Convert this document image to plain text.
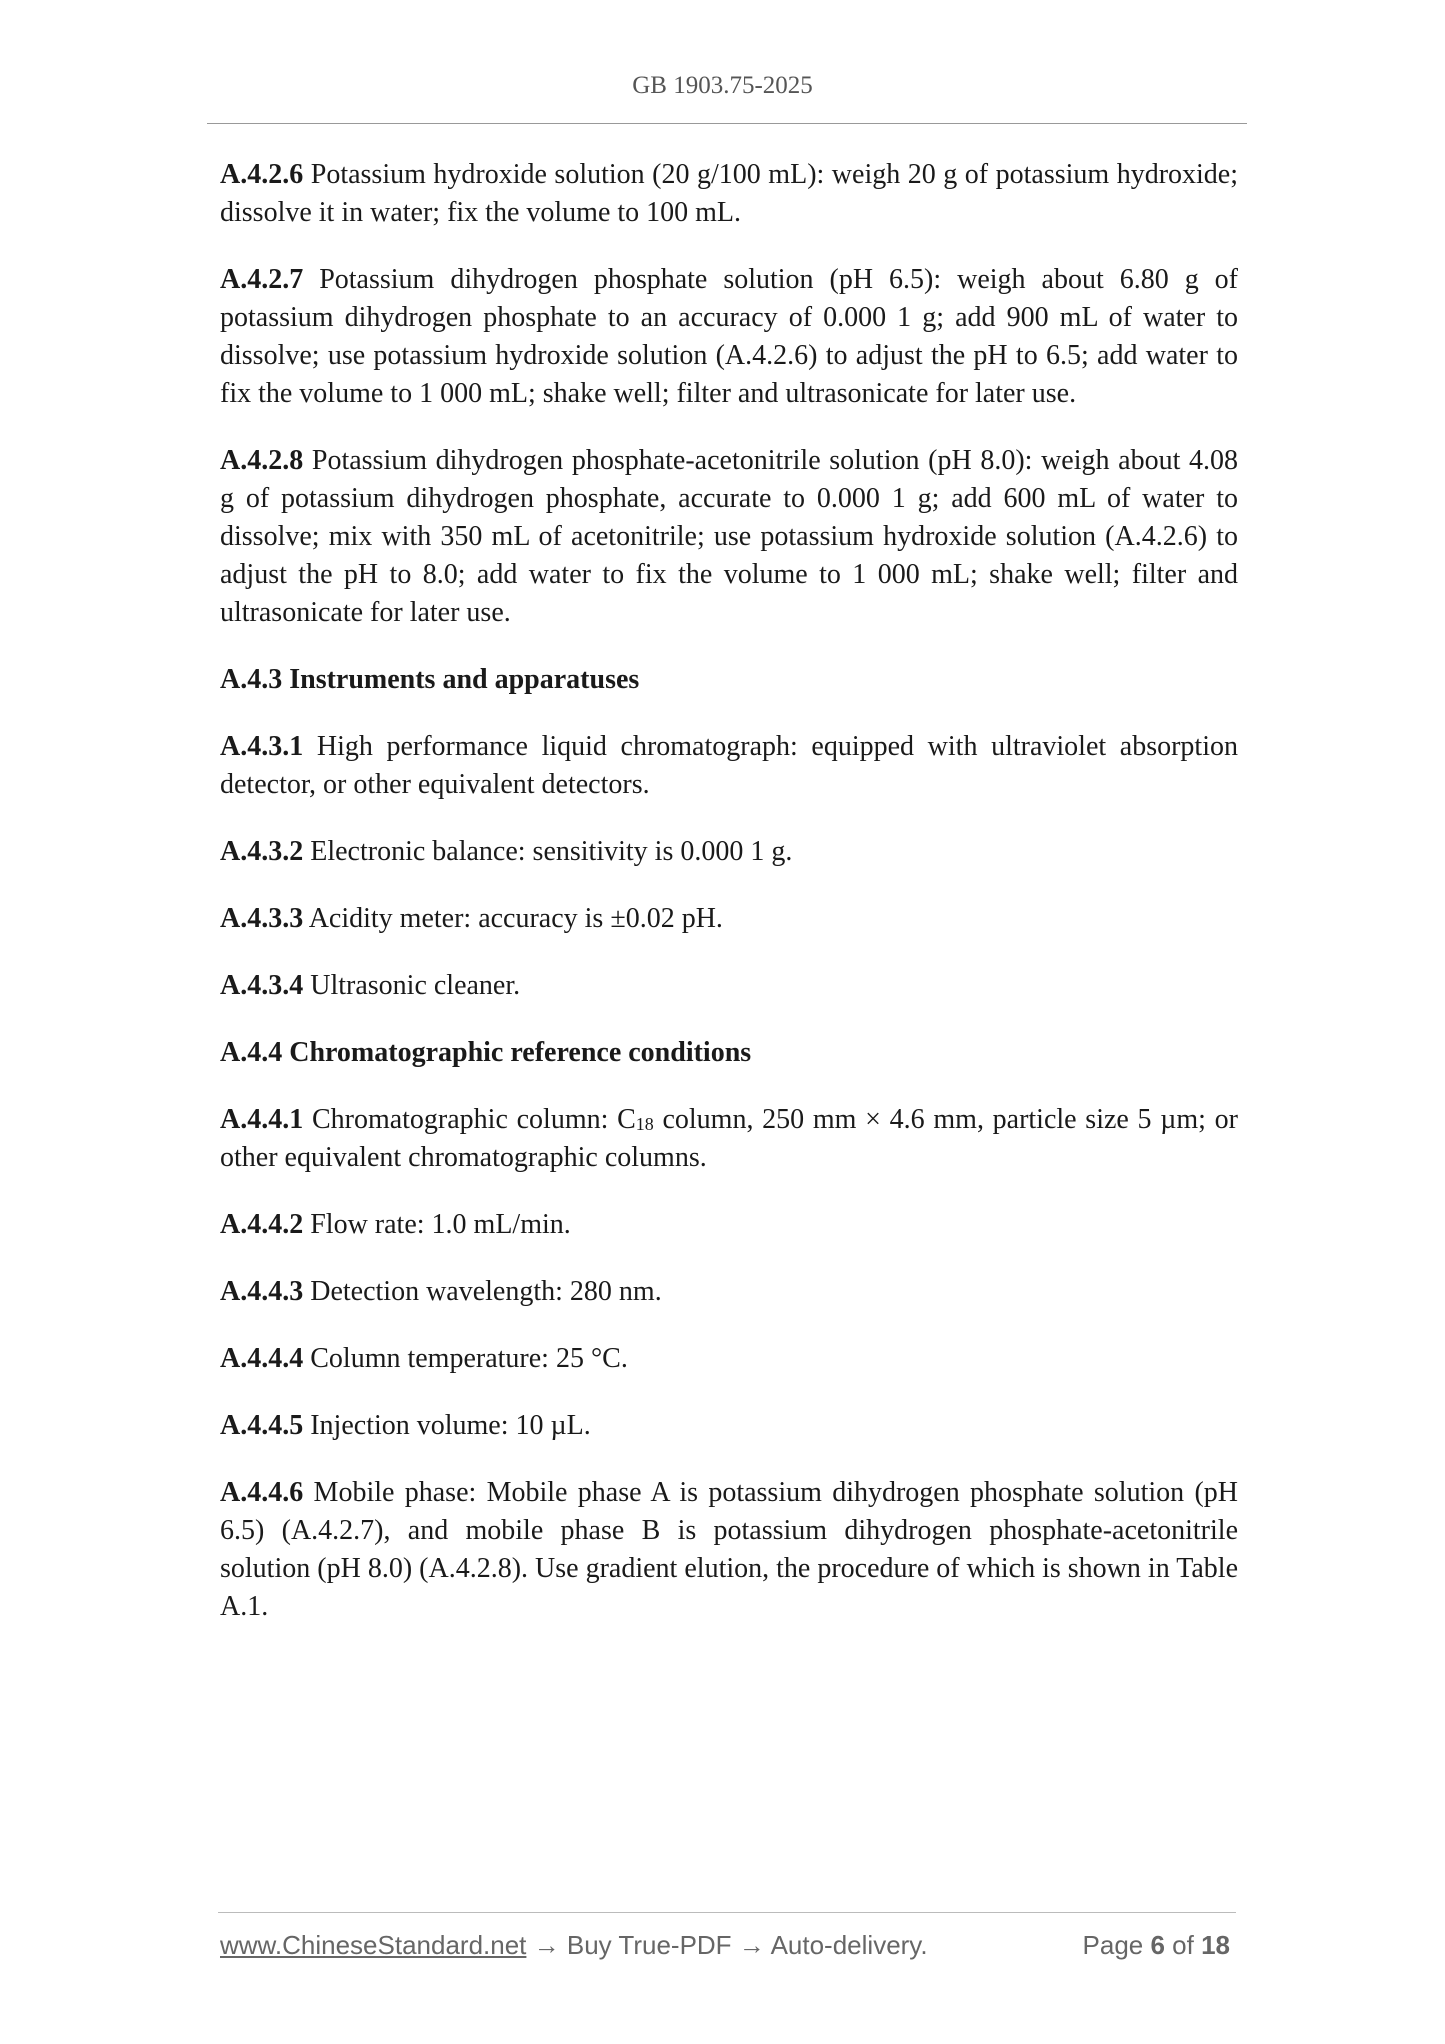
GB 1903.75-2025

A.4.2.6 Potassium hydroxide solution (20 g/100 mL): weigh 20 g of potassium hydroxide; dissolve it in water; fix the volume to 100 mL.

A.4.2.7 Potassium dihydrogen phosphate solution (pH 6.5): weigh about 6.80 g of potassium dihydrogen phosphate to an accuracy of 0.000 1 g; add 900 mL of water to dissolve; use potassium hydroxide solution (A.4.2.6) to adjust the pH to 6.5; add water to fix the volume to 1 000 mL; shake well; filter and ultrasonicate for later use.

A.4.2.8 Potassium dihydrogen phosphate-acetonitrile solution (pH 8.0): weigh about 4.08 g of potassium dihydrogen phosphate, accurate to 0.000 1 g; add 600 mL of water to dissolve; mix with 350 mL of acetonitrile; use potassium hydroxide solution (A.4.2.6) to adjust the pH to 8.0; add water to fix the volume to 1 000 mL; shake well; filter and ultrasonicate for later use.

A.4.3 Instruments and apparatuses

A.4.3.1 High performance liquid chromatograph: equipped with ultraviolet absorption detector, or other equivalent detectors.

A.4.3.2 Electronic balance: sensitivity is 0.000 1 g.

A.4.3.3 Acidity meter: accuracy is ±0.02 pH.

A.4.3.4 Ultrasonic cleaner.

A.4.4 Chromatographic reference conditions

A.4.4.1 Chromatographic column: $C_{18}$ column, 250 mm × 4.6 mm, particle size 5 µm; or other equivalent chromatographic columns.

A.4.4.2 Flow rate: 1.0 mL/min.

A.4.4.3 Detection wavelength: 280 nm.

A.4.4.4 Column temperature: 25 °C.

A.4.4.5 Injection volume: 10 µL.

A.4.4.6 Mobile phase: Mobile phase A is potassium dihydrogen phosphate solution (pH 6.5) (A.4.2.7), and mobile phase B is potassium dihydrogen phosphate-acetonitrile solution (pH 8.0) (A.4.2.8). Use gradient elution, the procedure of which is shown in Table A.1.

www.ChineseStandard.net → Buy True-PDF → Auto-delivery.	Page 6 of 18
